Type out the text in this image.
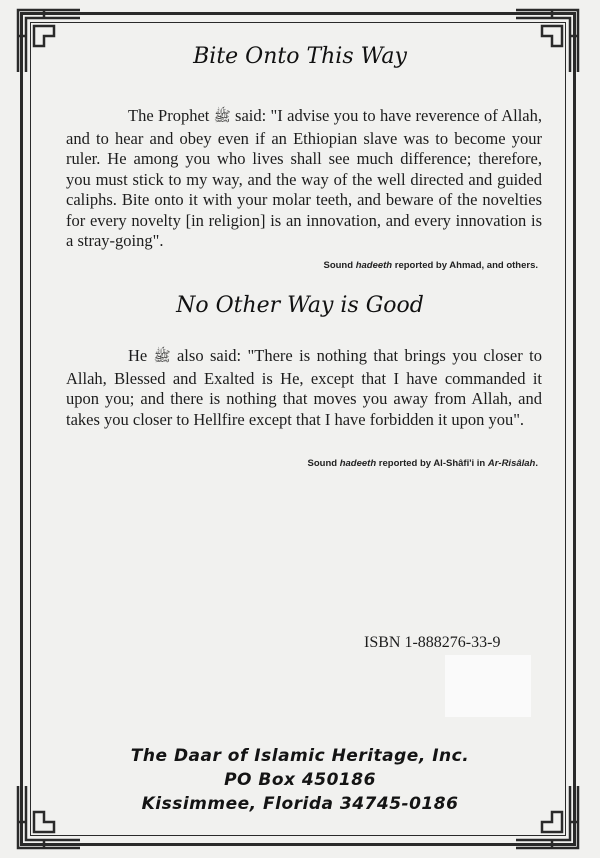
Bite Onto This Way
The Prophet ﷺ said: "I advise you to have reverence of Allah, and to hear and obey even if an Ethiopian slave was to become your ruler. He among you who lives shall see much difference; therefore, you must stick to my way, and the way of the well directed and guided caliphs. Bite onto it with your molar teeth, and beware of the novelties for every novelty [in religion] is an innovation, and every innovation is a stray-going".
Sound hadeeth reported by Ahmad, and others.
No Other Way is Good
He ﷺ also said: "There is nothing that brings you closer to Allah, Blessed and Exalted is He, except that I have commanded it upon you; and there is nothing that moves you away from Allah, and takes you closer to Hellfire except that I have forbidden it upon you".
Sound hadeeth reported by Al-Shâfi'i in Ar-Risâlah.
ISBN 1-888276-33-9
The Daar of Islamic Heritage, Inc.
PO Box 450186
Kissimmee, Florida 34745-0186
